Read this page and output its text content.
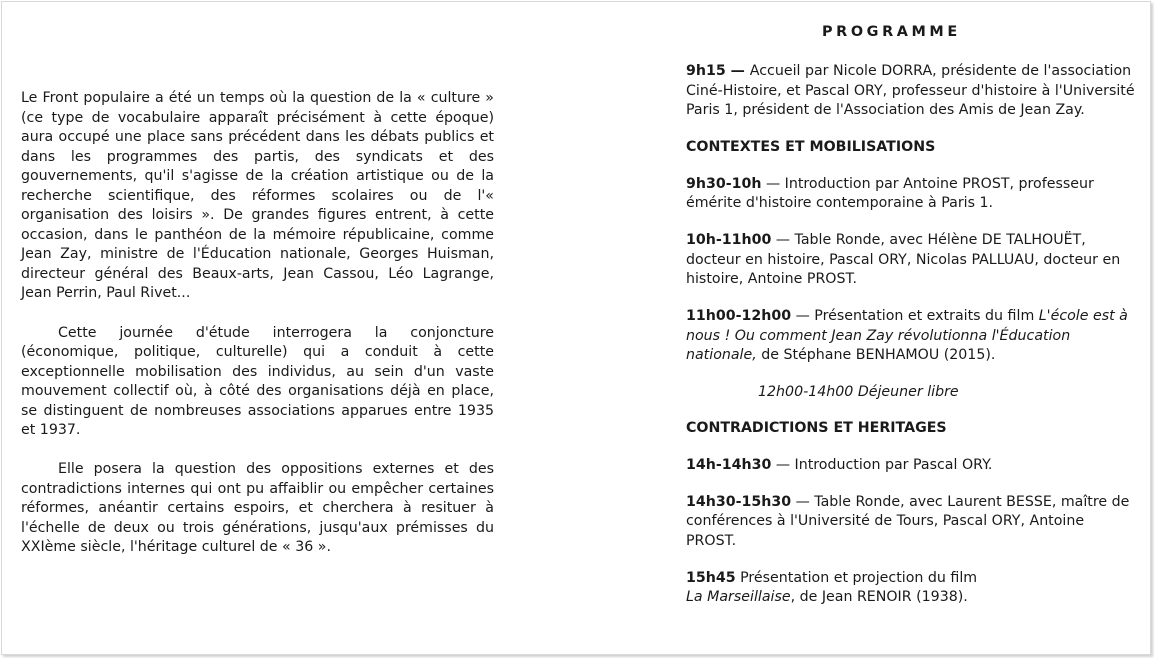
Le Front populaire a été un temps où la question de la « culture » (ce type de vocabulaire apparaît précisément à cette époque) aura occupé une place sans précédent dans les débats publics et dans les programmes des partis, des syndicats et des gouvernements, qu'il s'agisse de la création artistique ou de la recherche scientifique, des réformes scolaires ou de l'« organisation des loisirs ». De grandes figures entrent, à cette occasion, dans le panthéon de la mémoire républicaine, comme Jean Zay, ministre de l'Éducation nationale, Georges Huisman, directeur général des Beaux-arts, Jean Cassou, Léo Lagrange, Jean Perrin, Paul Rivet...

Cette journée d'étude interrogera la conjoncture (économique, politique, culturelle) qui a conduit à cette exceptionnelle mobilisation des individus, au sein d'un vaste mouvement collectif où, à côté des organisations déjà en place, se distinguent de nombreuses associations apparues entre 1935 et 1937.

Elle posera la question des oppositions externes et des contradictions internes qui ont pu affaiblir ou empêcher certaines réformes, anéantir certains espoirs, et cherchera à resituer à l'échelle de deux ou trois générations, jusqu'aux prémisses du XXIème siècle, l'héritage culturel de « 36 ».

PROGRAMME

9h15 — Accueil par Nicole DORRA, présidente de l'association Ciné-Histoire, et Pascal ORY, professeur d'histoire à l'Université Paris 1, président de l'Association des Amis de Jean Zay.

CONTEXTES ET MOBILISATIONS

9h30-10h — Introduction par Antoine PROST, professeur émérite d'histoire contemporaine à Paris 1.

10h-11h00 — Table Ronde, avec Hélène DE TALHOUËT, docteur en histoire, Pascal ORY, Nicolas PALLUAU, docteur en histoire, Antoine PROST.

11h00-12h00 — Présentation et extraits du film L'école est à nous ! Ou comment Jean Zay révolutionna l'Éducation nationale, de Stéphane BENHAMOU (2015).

12h00-14h00 Déjeuner libre

CONTRADICTIONS ET HERITAGES

14h-14h30 — Introduction par Pascal ORY.

14h30-15h30 — Table Ronde, avec Laurent BESSE, maître de conférences à l'Université de Tours, Pascal ORY, Antoine PROST.

15h45 Présentation et projection du film
La Marseillaise, de Jean RENOIR (1938).
